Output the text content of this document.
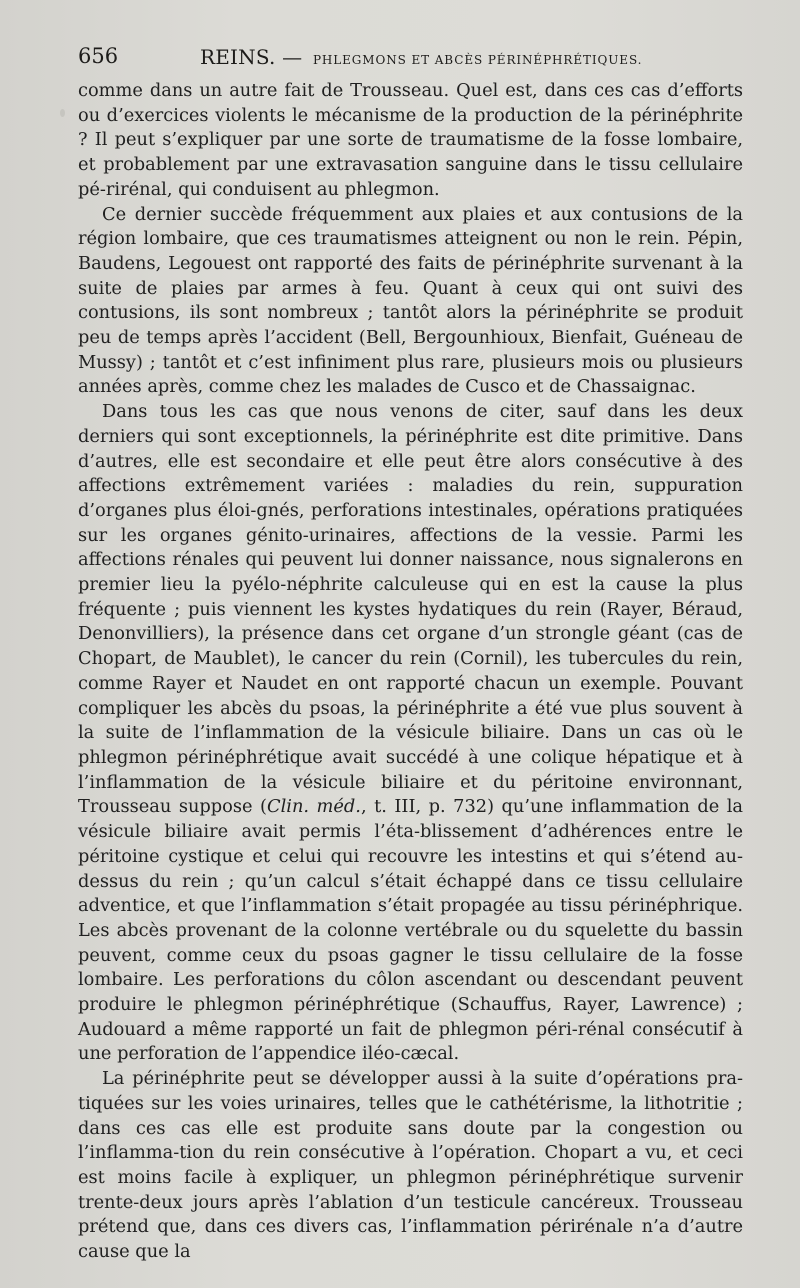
656	REINS. — PHLEGMONS ET ABCÈS PÉRINÉPHRÉTIQUES.

comme dans un autre fait de Trousseau. Quel est, dans ces cas d’efforts ou d’exercices violents le mécanisme de la production de la périnéphrite ? Il peut s’expliquer par une sorte de traumatisme de la fosse lombaire, et probablement par une extravasation sanguine dans le tissu cellulaire pé-rirénal, qui conduisent au phlegmon.

Ce dernier succède fréquemment aux plaies et aux contusions de la région lombaire, que ces traumatismes atteignent ou non le rein. Pépin, Baudens, Legouest ont rapporté des faits de périnéphrite survenant à la suite de plaies par armes à feu. Quant à ceux qui ont suivi des contusions, ils sont nombreux ; tantôt alors la périnéphrite se produit peu de temps après l’accident (Bell, Bergounhioux, Bienfait, Guéneau de Mussy) ; tantôt et c’est infiniment plus rare, plusieurs mois ou plusieurs années après, comme chez les malades de Cusco et de Chassaignac.

Dans tous les cas que nous venons de citer, sauf dans les deux derniers qui sont exceptionnels, la périnéphrite est dite primitive. Dans d’autres, elle est secondaire et elle peut être alors consécutive à des affections extrêmement variées : maladies du rein, suppuration d’organes plus éloi-gnés, perforations intestinales, opérations pratiquées sur les organes génito-urinaires, affections de la vessie. Parmi les affections rénales qui peuvent lui donner naissance, nous signalerons en premier lieu la pyélo-néphrite calculeuse qui en est la cause la plus fréquente ; puis viennent les kystes hydatiques du rein (Rayer, Béraud, Denonvilliers), la présence dans cet organe d’un strongle géant (cas de Chopart, de Maublet), le cancer du rein (Cornil), les tubercules du rein, comme Rayer et Naudet en ont rapporté chacun un exemple. Pouvant compliquer les abcès du psoas, la périnéphrite a été vue plus souvent à la suite de l’inflammation de la vésicule biliaire. Dans un cas où le phlegmon périnéphrétique avait succédé à une colique hépatique et à l’inflammation de la vésicule biliaire et du péritoine environnant, Trousseau suppose (Clin. méd., t. III, p. 732) qu’une inflammation de la vésicule biliaire avait permis l’éta-blissement d’adhérences entre le péritoine cystique et celui qui recouvre les intestins et qui s’étend au-dessus du rein ; qu’un calcul s’était échappé dans ce tissu cellulaire adventice, et que l’inflammation s’était propagée au tissu périnéphrique. Les abcès provenant de la colonne vertébrale ou du squelette du bassin peuvent, comme ceux du psoas gagner le tissu cellulaire de la fosse lombaire. Les perforations du côlon ascendant ou descendant peuvent produire le phlegmon périnéphrétique (Schauffus, Rayer, Lawrence) ; Audouard a même rapporté un fait de phlegmon péri-rénal consécutif à une perforation de l’appendice iléo-cæcal.

La périnéphrite peut se développer aussi à la suite d’opérations pra-tiquées sur les voies urinaires, telles que le cathétérisme, la lithotritie ; dans ces cas elle est produite sans doute par la congestion ou l’inflamma-tion du rein consécutive à l’opération. Chopart a vu, et ceci est moins facile à expliquer, un phlegmon périnéphrétique survenir trente-deux jours après l’ablation d’un testicule cancéreux. Trousseau prétend que, dans ces divers cas, l’inflammation périrénale n’a d’autre cause que la
